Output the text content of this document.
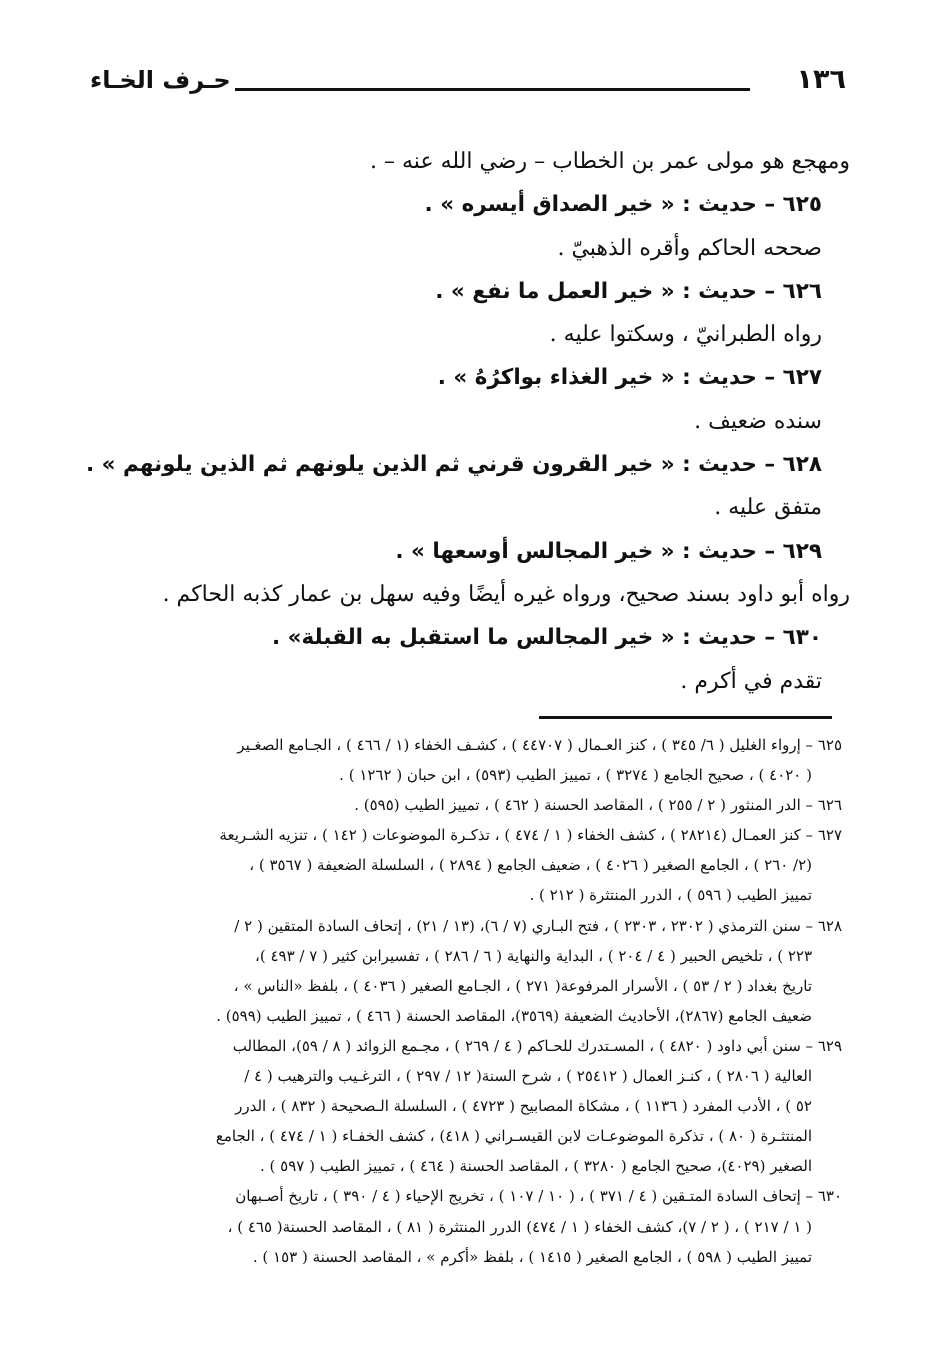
١٣٦
حـرف الخـاء
ومهجع هو مولى عمر بن الخطاب – رضي الله عنه – .
٦٢٥ – حديث : « خير الصداق أيسره » .
صححه الحاكم وأقره الذهبيّ .
٦٢٦ – حديث : « خير العمل ما نفع » .
رواه الطبرانيّ ، وسكتوا عليه .
٦٢٧ – حديث : « خير الغذاء بواكرُهُ » .
سنده ضعيف .
٦٢٨ – حديث : « خير القرون قرني ثم الذين يلونهم ثم الذين يلونهم » .
متفق عليه .
٦٢٩ – حديث : « خير المجالس أوسعها » .
رواه أبو داود بسند صحيح، ورواه غيره أيضًا وفيه سهل بن عمار كذبه الحاكم .
٦٣٠ – حديث : « خير المجالس ما استقبل به القبلة» .
تقدم في أكرم .
٦٢٥ – إرواء الغليل ( ٦/ ٣٤٥ ) ، كنز العـمال ( ٤٤٧٠٧ ) ، كشـف الخفاء (١ / ٤٦٦ ) ، الجـامع الصغـير
( ٤٠٢٠ ) ، صحيح الجامع ( ٣٢٧٤ ) ، تمييز الطيب (٥٩٣) ، ابن حبان ( ١٢٦٢ ) .
٦٢٦ – الدر المنثور ( ٢ / ٢٥٥ ) ، المقاصد الحسنة ( ٤٦٢ ) ، تمييز الطيب (٥٩٥) .
٦٢٧ – كنز العمـال (٢٨٢١٤ ) ، كشف الخفاء ( ١ / ٤٧٤ ) ، تذكـرة الموضوعات ( ١٤٢ ) ، تنزيه الشـريعة
(٢/ ٢٦٠ ) ، الجامع الصغير ( ٤٠٢٦ ) ، ضعيف الجامع ( ٢٨٩٤ ) ، السلسلة الضعيفة ( ٣٥٦٧ ) ،
تمييز الطيب ( ٥٩٦ ) ، الدرر المنتثرة ( ٢١٢ ) .
٦٢٨ – سنن الترمذي ( ٢٣٠٢ ، ٢٣٠٣ ) ، فتح البـاري (٧ / ٦)، (١٣ / ٢١) ، إتحاف السادة المتقين ( ٢ /
٢٢٣ ) ، تلخيص الحبير ( ٤ / ٢٠٤ ) ، البداية والنهاية ( ٦ / ٢٨٦ ) ، تفسيرابن كثير ( ٧ / ٤٩٣ )،
تاريخ بغداد ( ٢ / ٥٣ ) ، الأسرار المرفوعة( ٢٧١ ) ، الجـامع الصغير ( ٤٠٣٦ ) ، بلفظ «الناس » ،
ضعيف الجامع (٢٨٦٧)، الأحاديث الضعيفة (٣٥٦٩)، المقاصد الحسنة ( ٤٦٦ ) ، تمييز الطيب (٥٩٩) .
٦٢٩ – سنن أبي داود ( ٤٨٢٠ ) ، المسـتدرك للحـاكم ( ٤ / ٢٦٩ ) ، مجـمع الزوائد ( ٨ / ٥٩)، المطالب
العالية ( ٢٨٠٦ ) ، كنـز العمال ( ٢٥٤١٢ ) ، شرح السنة( ١٢ / ٢٩٧ ) ، الترغـيب والترهيب ( ٤ /
٥٢ ) ، الأدب المفرد ( ١١٣٦ ) ، مشكاة المصابيح ( ٤٧٢٣ ) ، السلسلة الـصحيحة ( ٨٣٢ ) ، الدرر
المنتثـرة ( ٨٠ ) ، تذكرة الموضوعـات لابن القيسـراني ( ٤١٨) ، كشف الخفـاء ( ١ / ٤٧٤ ) ، الجامع
الصغير (٤٠٢٩)، صحيح الجامع ( ٣٢٨٠ ) ، المقاصد الحسنة ( ٤٦٤ ) ، تمييز الطيب ( ٥٩٧ ) .
٦٣٠ – إتحاف السادة المتـقين ( ٤ / ٣٧١ ) ، ( ١٠ / ١٠٧ ) ، تخريج الإحياء ( ٤ / ٣٩٠ ) ، تاريخ أصـبهان
( ١ / ٢١٧ ) ، ( ٢ / ٧)، كشف الخفاء ( ١ / ٤٧٤) الدرر المنتثرة ( ٨١ ) ، المقاصد الحسنة( ٤٦٥ ) ،
تمييز الطيب ( ٥٩٨ ) ، الجامع الصغير ( ١٤١٥ ) ، بلفظ «أكرم » ، المقاصد الحسنة ( ١٥٣ ) .
